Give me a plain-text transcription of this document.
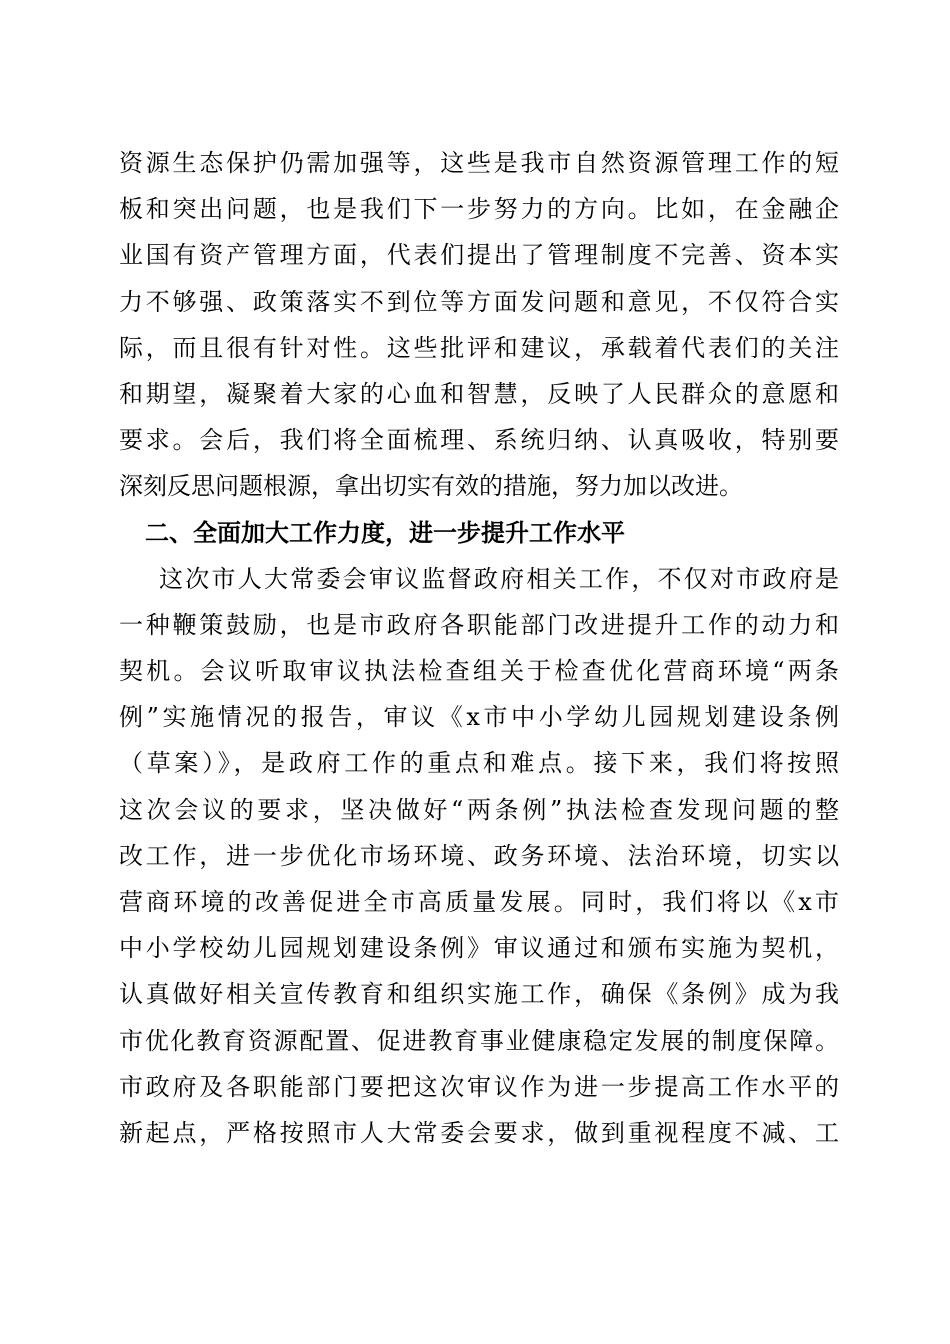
资源生态保护仍需加强等，这些是我市自然资源管理工作的短
板和突出问题，也是我们下一步努力的方向。比如，在金融企
业国有资产管理方面，代表们提出了管理制度不完善、资本实
力不够强、政策落实不到位等方面发问题和意见，不仅符合实
际，而且很有针对性。这些批评和建议，承载着代表们的关注
和期望，凝聚着大家的心血和智慧，反映了人民群众的意愿和
要求。会后，我们将全面梳理、系统归纳、认真吸收，特别要
深刻反思问题根源，拿出切实有效的措施，努力加以改进。
二、全面加大工作力度，进一步提升工作水平
这次市人大常委会审议监督政府相关工作，不仅对市政府是
一种鞭策鼓励，也是市政府各职能部门改进提升工作的动力和
契机。会议听取审议执法检查组关于检查优化营商环境“两条
例”实施情况的报告，审议《x市中小学幼儿园规划建设条例
（草案）》，是政府工作的重点和难点。接下来，我们将按照
这次会议的要求，坚决做好“两条例”执法检查发现问题的整
改工作，进一步优化市场环境、政务环境、法治环境，切实以
营商环境的改善促进全市高质量发展。同时，我们将以《x市
中小学校幼儿园规划建设条例》审议通过和颁布实施为契机，
认真做好相关宣传教育和组织实施工作，确保《条例》成为我
市优化教育资源配置、促进教育事业健康稳定发展的制度保障。
市政府及各职能部门要把这次审议作为进一步提高工作水平的
新起点，严格按照市人大常委会要求，做到重视程度不减、工
